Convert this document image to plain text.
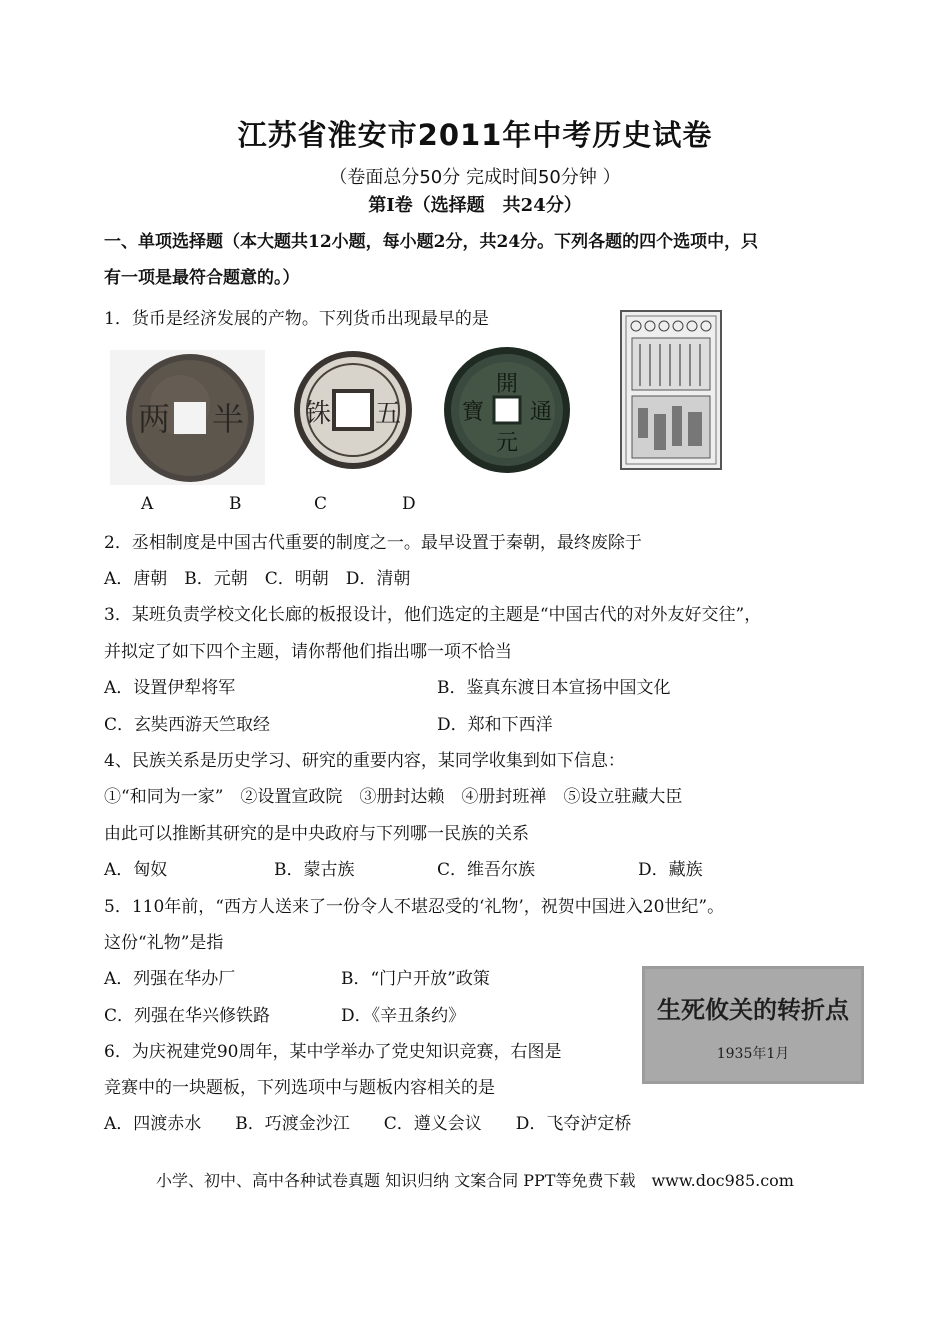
江苏省淮安市2011年中考历史试卷
（卷面总分50分 完成时间50分钟 ）
第Ⅰ卷（选择题　共24分）
一、单项选择题（本大题共12小题，每小题2分，共24分。下列各题的四个选项中，只
有一项是最符合题意的。）
1．货币是经济发展的产物。下列货币出现最早的是
两 半 铢 五
開
元
通
寶
A	B	C	D
2．丞相制度是中国古代重要的制度之一。最早设置于秦朝，最终废除于
A．唐朝　B．元朝　C．明朝　D．清朝
3．某班负责学校文化长廊的板报设计，他们选定的主题是“中国古代的对外友好交往”，
并拟定了如下四个主题，请你帮他们指出哪一项不恰当
A．设置伊犁将军	B．鉴真东渡日本宣扬中国文化
C．玄奘西游天竺取经	D．郑和下西洋
4、民族关系是历史学习、研究的重要内容，某同学收集到如下信息：
①“和同为一家”　②设置宣政院　③册封达赖　④册封班禅　⑤设立驻藏大臣
由此可以推断其研究的是中央政府与下列哪一民族的关系
A．匈奴	B．蒙古族	C．维吾尔族	D．藏族
5．110年前，“西方人送来了一份令人不堪忍受的‘礼物’，祝贺中国进入20世纪”。
这份“礼物”是指
A．列强在华办厂	B．“门户开放”政策
C．列强在华兴修铁路	D．《辛丑条约》	生死攸关的转折点
1935年1月
6．为庆祝建党90周年，某中学举办了党史知识竞赛，右图是
竞赛中的一块题板，下列选项中与题板内容相关的是
A．四渡赤水　　B．巧渡金沙江　　C．遵义会议　　D．飞夺泸定桥
小学、初中、高中各种试卷真题 知识归纳 文案合同 PPT等免费下载　www.doc985.com
